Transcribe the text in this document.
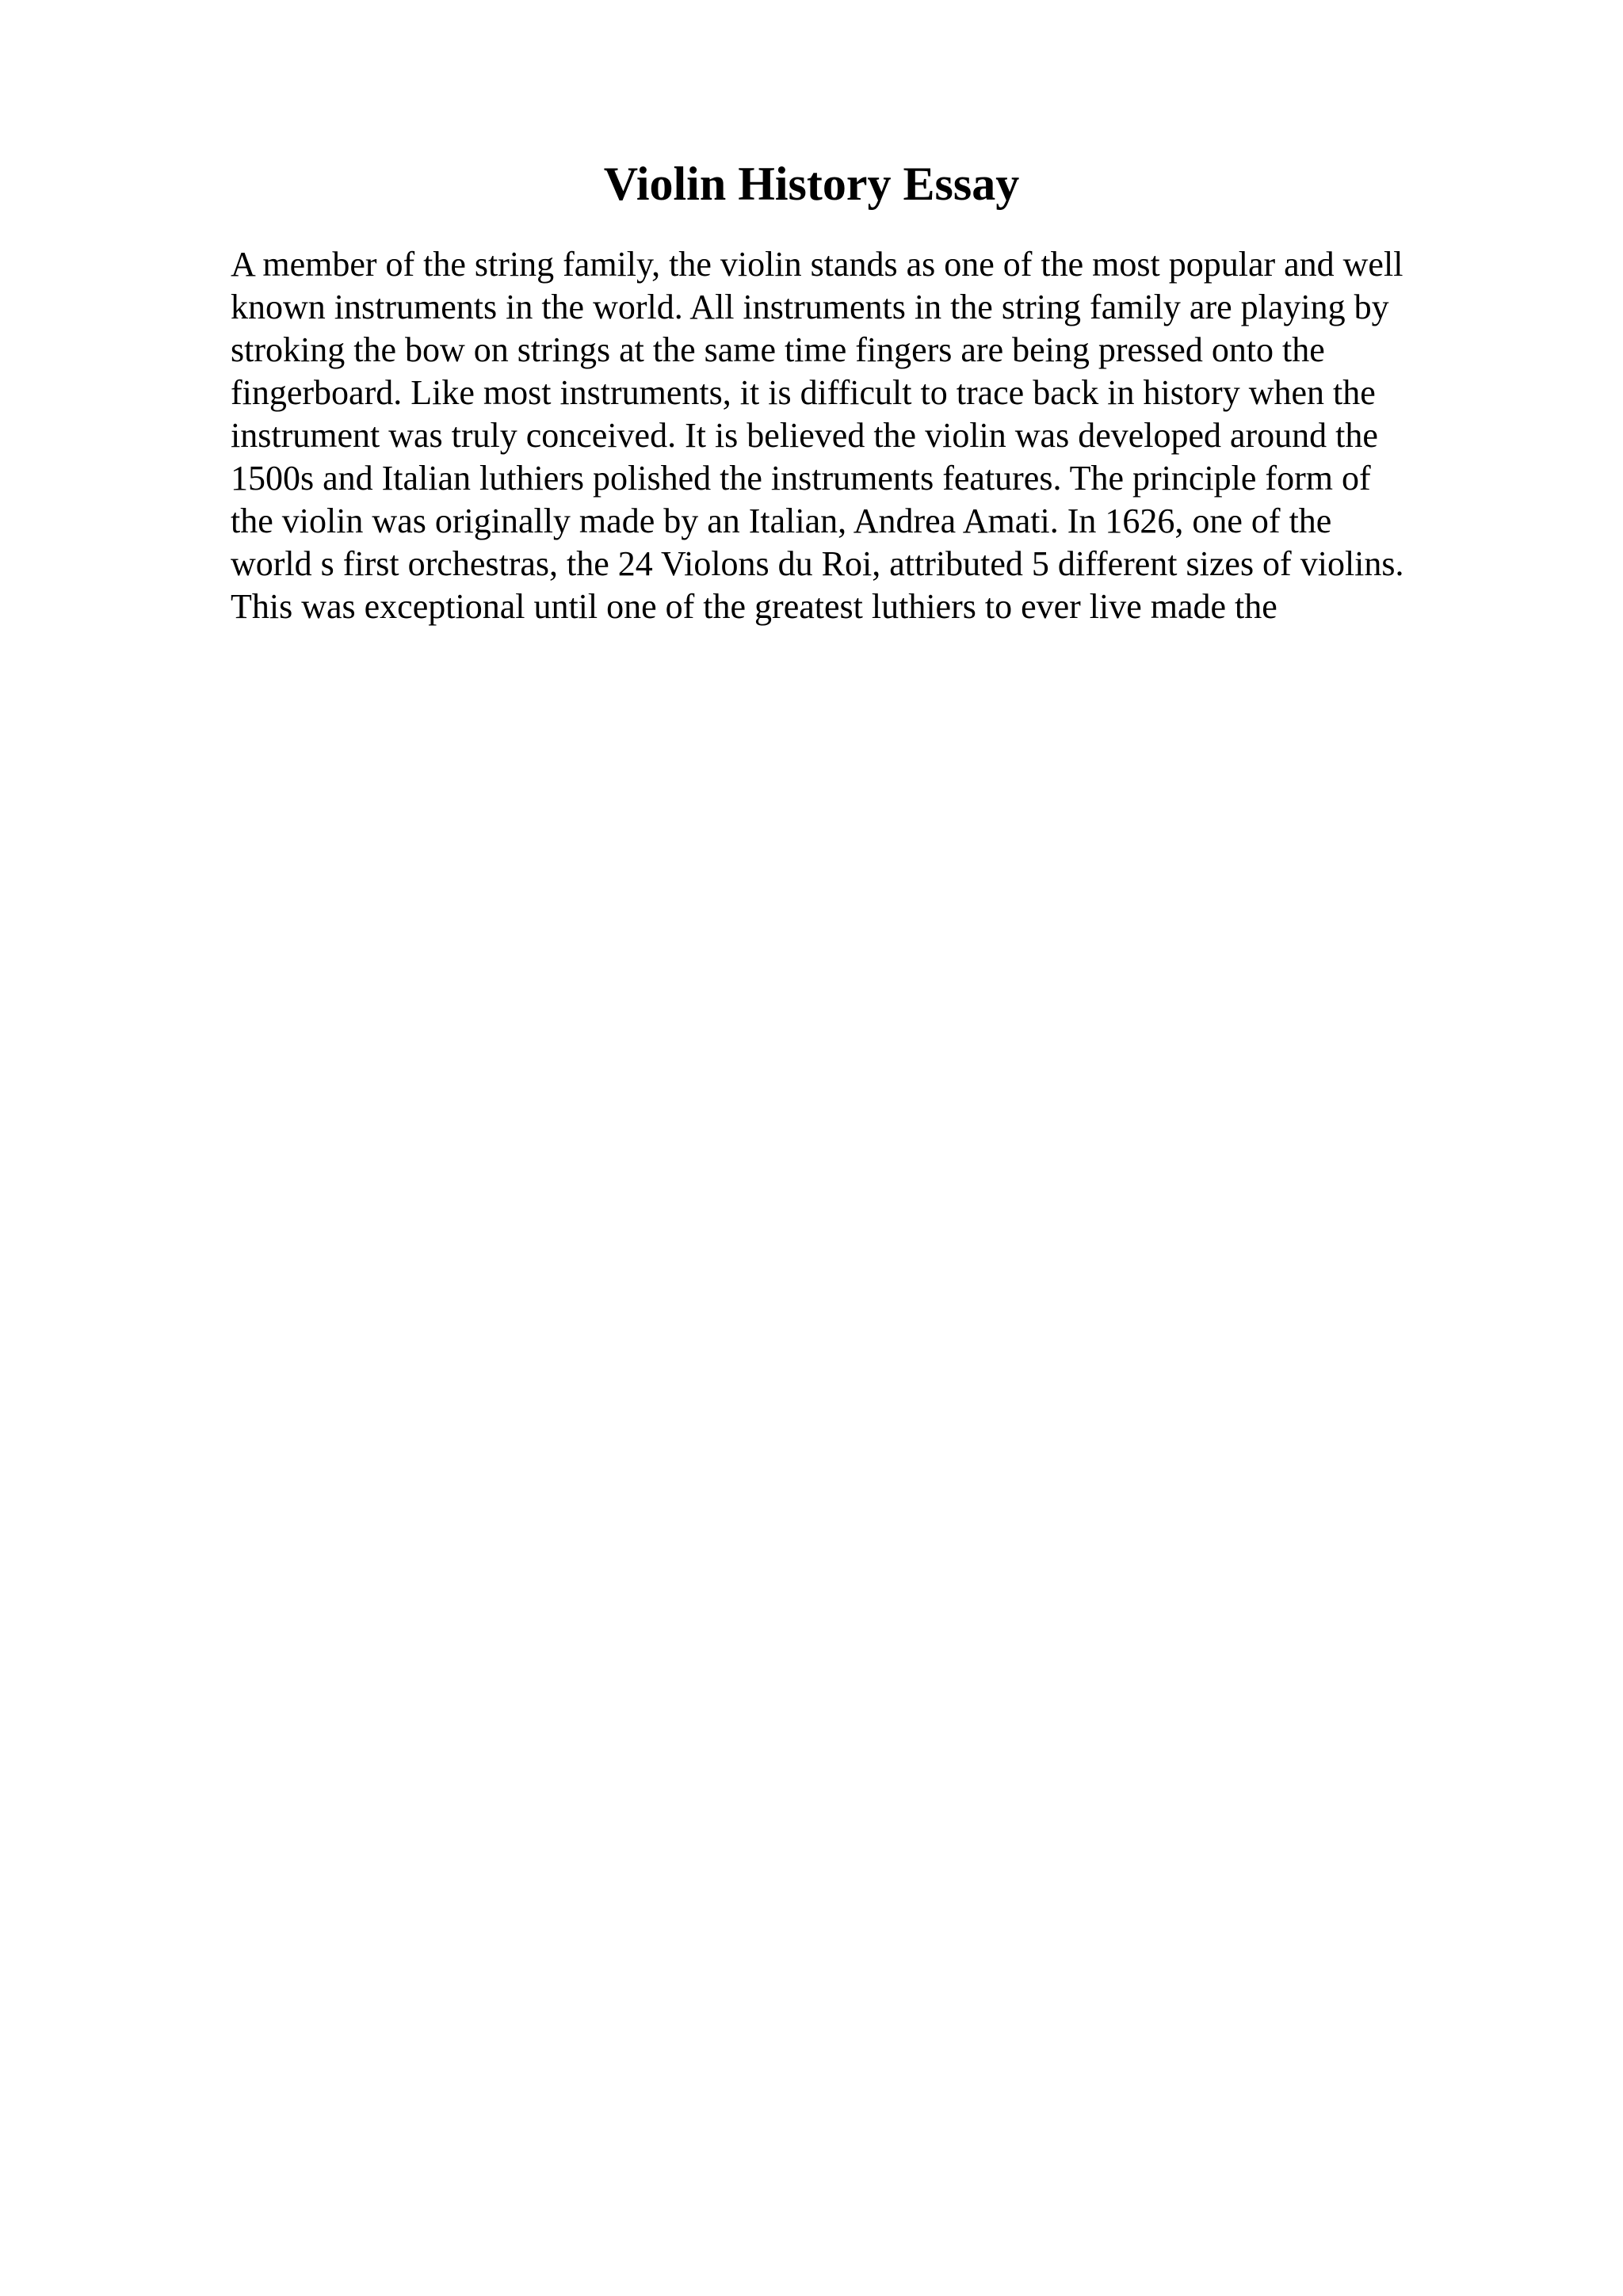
Violin History Essay
A member of the string family, the violin stands as one of the most popular and well
known instruments in the world. All instruments in the string family are playing by
stroking the bow on strings at the same time fingers are being pressed onto the
fingerboard. Like most instruments, it is difficult to trace back in history when the
instrument was truly conceived. It is believed the violin was developed around the
1500s and Italian luthiers polished the instruments features. The principle form of
the violin was originally made by an Italian, Andrea Amati. In 1626, one of the
world s first orchestras, the 24 Violons du Roi, attributed 5 different sizes of violins.
This was exceptional until one of the greatest luthiers to ever live made the
